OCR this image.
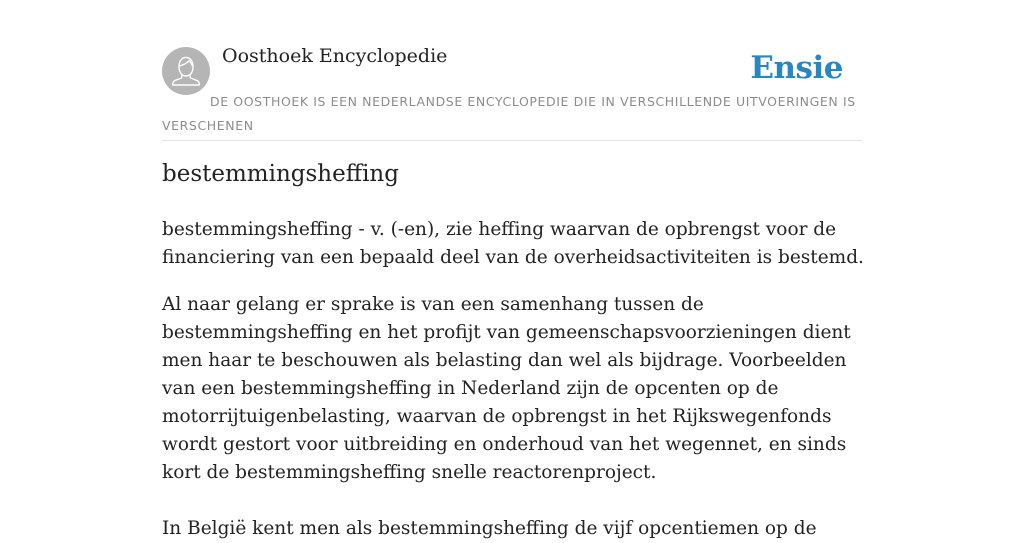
Oosthoek Encyclopedie	Ensie
DE OOSTHOEK IS EEN NEDERLANDSE ENCYCLOPEDIE DIE IN VERSCHILLENDE UITVOERINGEN IS VERSCHENEN
bestemmingsheffing

bestemmingsheffing - v. (-en), zie heffing waarvan de opbrengst voor de financiering van een bepaald deel van de overheidsactiviteiten is bestemd.

Al naar gelang er sprake is van een samenhang tussen de bestemmingsheffing en het profijt van gemeenschapsvoorzieningen dient men haar te beschouwen als belasting dan wel als bijdrage. Voorbeelden van een bestemmingsheffing in Nederland zijn de opcenten op de motorrijtuigenbelasting, waarvan de opbrengst in het Rijkswegenfonds wordt gestort voor uitbreiding en onderhoud van het wegennet, en sinds kort de bestemmingsheffing snelle reactorenproject.

In België kent men als bestemmingsheffing de vijf opcentiemen op de
